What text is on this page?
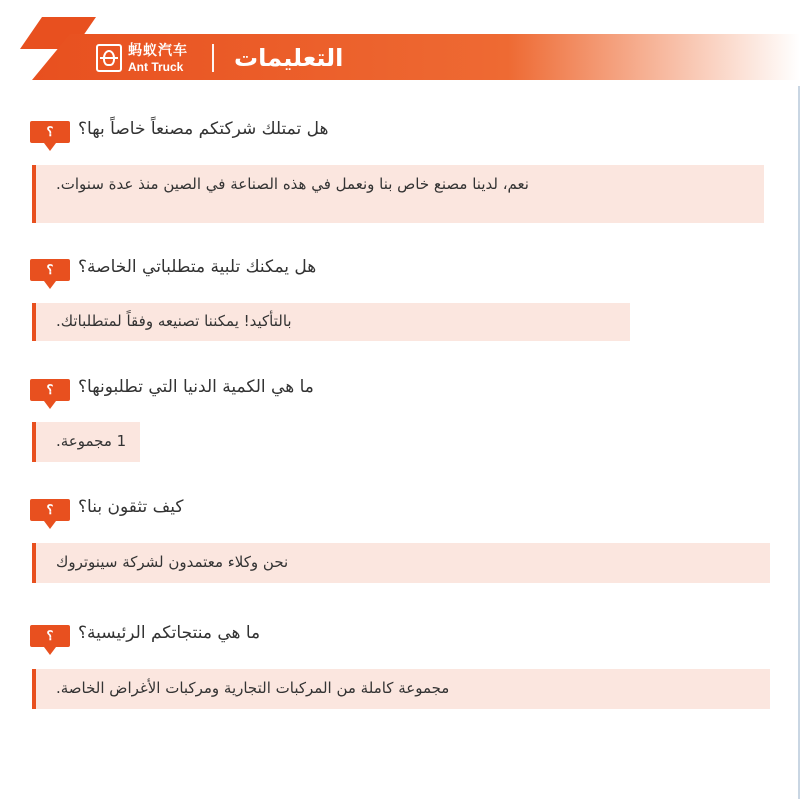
蚂蚁汽车
Ant Truck التعليمات
؟	هل تمتلك شركتكم مصنعاً خاصاً بها؟
نعم، لدينا مصنع خاص بنا ونعمل في هذه الصناعة في الصين منذ عدة سنوات.
؟	هل يمكنك تلبية متطلباتي الخاصة؟
بالتأكيد! يمكننا تصنيعه وفقاً لمتطلباتك.
؟	ما هي الكمية الدنيا التي تطلبونها؟
1 مجموعة.
؟	كيف تثقون بنا؟
نحن وكلاء معتمدون لشركة سينوتروك
؟	ما هي منتجاتكم الرئيسية؟
مجموعة كاملة من المركبات التجارية ومركبات الأغراض الخاصة.
